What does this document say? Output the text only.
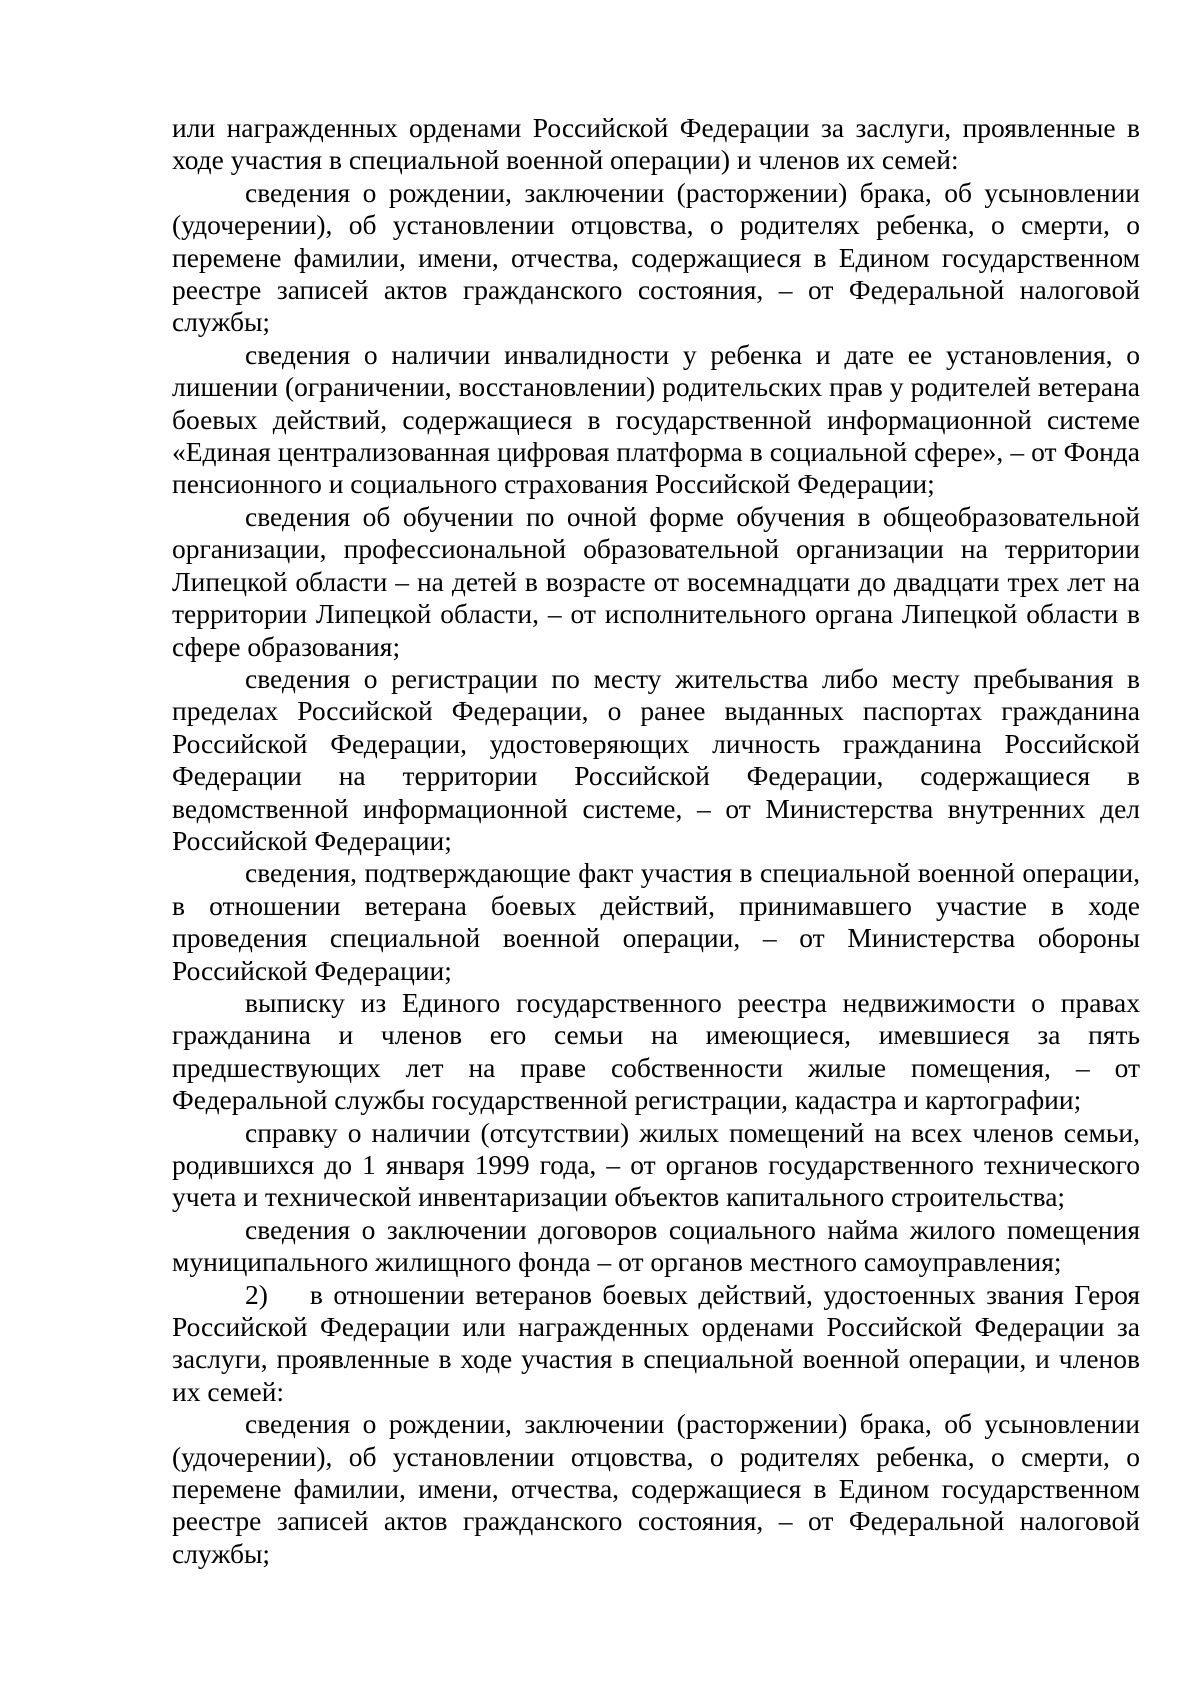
или награжденных орденами Российской Федерации за заслуги, проявленные в ходе участия в специальной военной операции) и членов их семей:

сведения о рождении, заключении (расторжении) брака, об усыновлении (удочерении), об установлении отцовства, о родителях ребенка, о смерти, о перемене фамилии, имени, отчества, содержащиеся в Едином государственном реестре записей актов гражданского состояния, – от Федеральной налоговой службы;

сведения о наличии инвалидности у ребенка и дате ее установления, о лишении (ограничении, восстановлении) родительских прав у родителей ветерана боевых действий, содержащиеся в государственной информационной системе «Единая централизованная цифровая платформа в социальной сфере», – от Фонда пенсионного и социального страхования Российской Федерации;

сведения об обучении по очной форме обучения в общеобразовательной организации, профессиональной образовательной организации на территории Липецкой области – на детей в возрасте от восемнадцати до двадцати трех лет на территории Липецкой области, – от исполнительного органа Липецкой области в сфере образования;

сведения о регистрации по месту жительства либо месту пребывания в пределах Российской Федерации, о ранее выданных паспортах гражданина Российской Федерации, удостоверяющих личность гражданина Российской Федерации на территории Российской Федерации, содержащиеся в ведомственной информационной системе, – от Министерства внутренних дел Российской Федерации;

сведения, подтверждающие факт участия в специальной военной операции, в отношении ветерана боевых действий, принимавшего участие в ходе проведения специальной военной операции, – от Министерства обороны Российской Федерации;

выписку из Единого государственного реестра недвижимости о правах гражданина и членов его семьи на имеющиеся, имевшиеся за пять предшествующих лет на праве собственности жилые помещения, – от Федеральной службы государственной регистрации, кадастра и картографии;

справку о наличии (отсутствии) жилых помещений на всех членов семьи, родившихся до 1 января 1999 года, – от органов государственного технического учета и технической инвентаризации объектов капитального строительства;

сведения о заключении договоров социального найма жилого помещения муниципального жилищного фонда – от органов местного самоуправления;

2)    в отношении ветеранов боевых действий, удостоенных звания Героя Российской Федерации или награжденных орденами Российской Федерации за заслуги, проявленные в ходе участия в специальной военной операции, и членов их семей:

сведения о рождении, заключении (расторжении) брака, об усыновлении (удочерении), об установлении отцовства, о родителях ребенка, о смерти, о перемене фамилии, имени, отчества, содержащиеся в Едином государственном реестре записей актов гражданского состояния, – от Федеральной налоговой службы;
